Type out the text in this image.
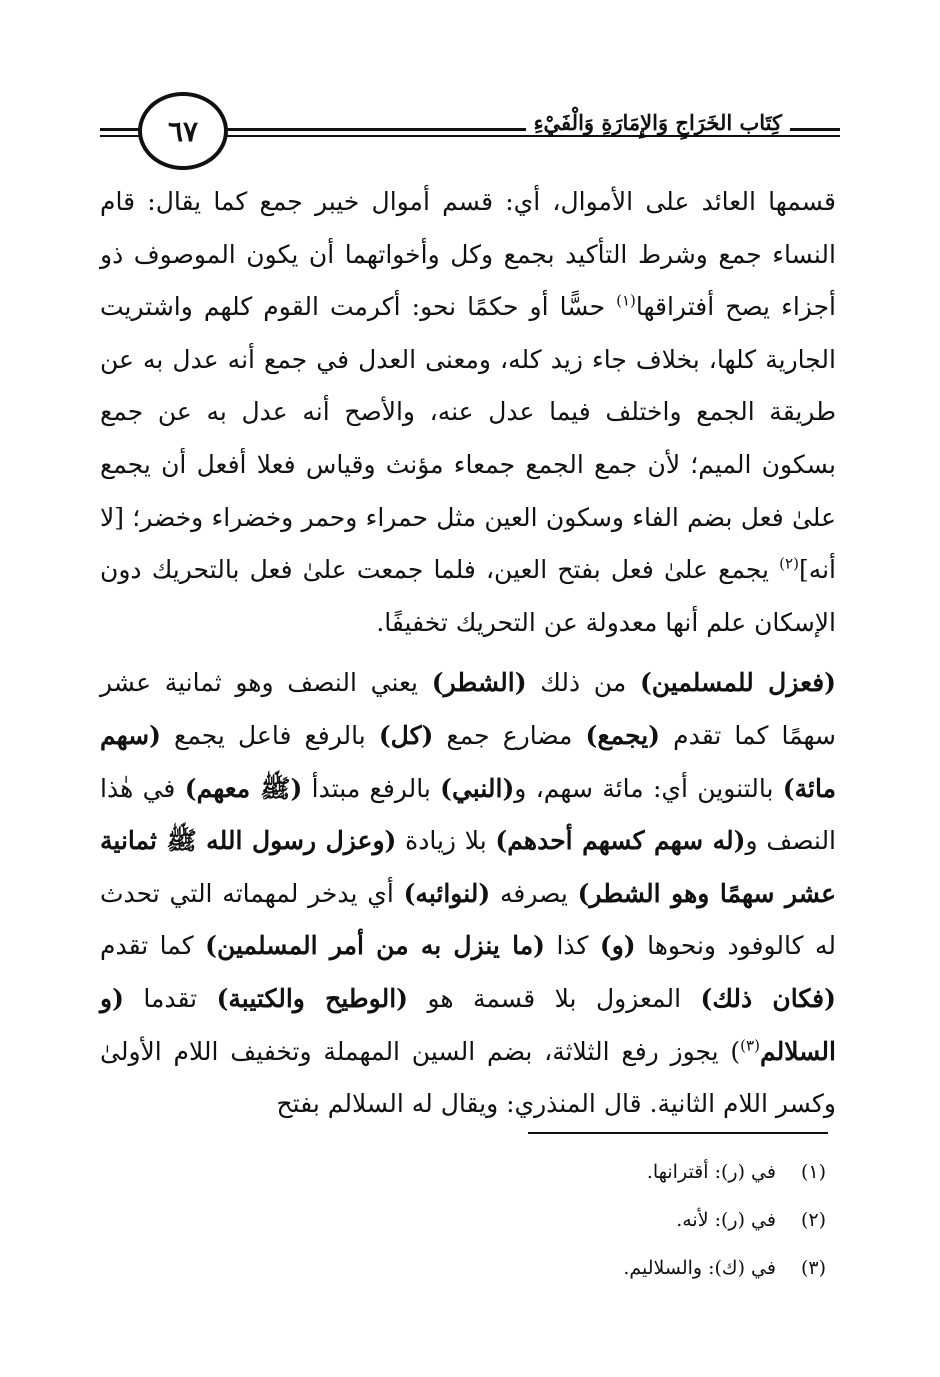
٦٧	كِتَاب الخَرَاجِ وَالإِمَارَةِ وَالْفَيْءِ

قسمها العائد على الأموال، أي: قسم أموال خيبر جمع كما يقال: قام النساء جمع وشرط التأكيد بجمع وكل وأخواتهما أن يكون الموصوف ذو أجزاء يصح أفتراقها$^{(١)}$ حسًّا أو حكمًا نحو: أكرمت القوم كلهم واشتريت الجارية كلها، بخلاف جاء زيد كله، ومعنى العدل في جمع أنه عدل به عن طريقة الجمع واختلف فيما عدل عنه، والأصح أنه عدل به عن جمع بسكون الميم؛ لأن جمع الجمع جمعاء مؤنث وقياس فعلا أفعل أن يجمع علىٰ فعل بضم الفاء وسكون العين مثل حمراء وحمر وخضراء وخضر؛ [لا أنه]$^{(٢)}$ يجمع علىٰ فعل بفتح العين، فلما جمعت علىٰ فعل بالتحريك دون الإسكان علم أنها معدولة عن التحريك تخفيفًا.

(فعزل للمسلمين) من ذلك (الشطر) يعني النصف وهو ثمانية عشر سهمًا كما تقدم (يجمع) مضارع جمع (كل) بالرفع فاعل يجمع (سهم مائة) بالتنوين أي: مائة سهم، و(النبي) بالرفع مبتدأ (ﷺ معهم) في هٰذا النصف و(له سهم كسهم أحدهم) بلا زيادة (وعزل رسول الله ﷺ ثمانية عشر سهمًا وهو الشطر) يصرفه (لنوائبه) أي يدخر لمهماته التي تحدث له كالوفود ونحوها (و) كذا (ما ينزل به من أمر المسلمين) كما تقدم (فكان ذلك) المعزول بلا قسمة هو (الوطيح والكتيبة) تقدما (و السلالم$^{(٣)}$) يجوز رفع الثلاثة، بضم السين المهملة وتخفيف اللام الأولىٰ وكسر اللام الثانية. قال المنذري: ويقال له السلالم بفتح

(١) في (ر): أقترانها.
(٢) في (ر): لأنه.
(٣) في (ك): والسلاليم.
